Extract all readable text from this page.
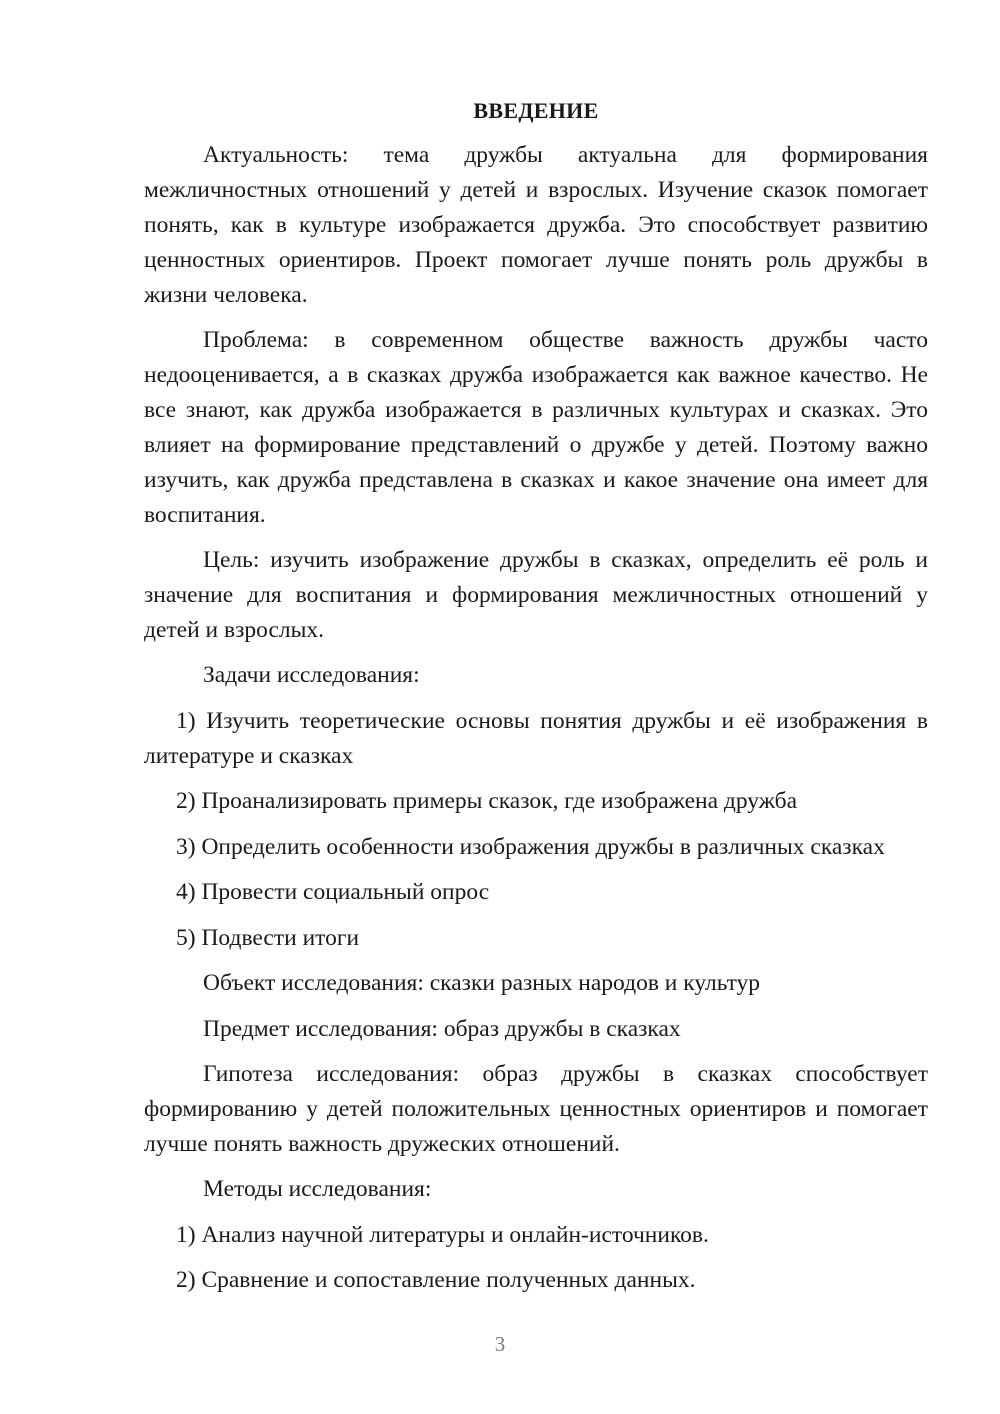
ВВЕДЕНИЕ

Актуальность: тема дружбы актуальна для формирования межличностных отношений у детей и взрослых. Изучение сказок помогает понять, как в культуре изображается дружба. Это способствует развитию ценностных ориентиров. Проект помогает лучше понять роль дружбы в жизни человека.

Проблема: в современном обществе важность дружбы часто недооценивается, а в сказках дружба изображается как важное качество. Не все знают, как дружба изображается в различных культурах и сказках. Это влияет на формирование представлений о дружбе у детей. Поэтому важно изучить, как дружба представлена в сказках и какое значение она имеет для воспитания.

Цель: изучить изображение дружбы в сказках, определить её роль и значение для воспитания и формирования межличностных отношений у детей и взрослых.

Задачи исследования:

1) Изучить теоретические основы понятия дружбы и её изображения в литературе и сказках

2) Проанализировать примеры сказок, где изображена дружба

3) Определить особенности изображения дружбы в различных сказках

4) Провести социальный опрос

5) Подвести итоги

Объект исследования: сказки разных народов и культур

Предмет исследования: образ дружбы в сказках

Гипотеза исследования: образ дружбы в сказках способствует формированию у детей положительных ценностных ориентиров и помогает лучше понять важность дружеских отношений.

Методы исследования:

1) Анализ научной литературы и онлайн-источников.

2) Сравнение и сопоставление полученных данных.

3
